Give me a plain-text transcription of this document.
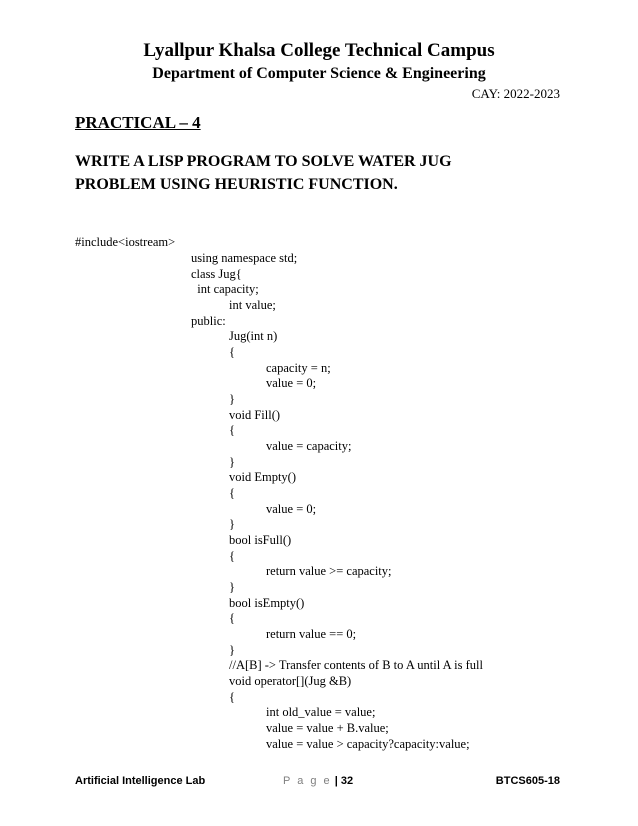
Lyallpur Khalsa College Technical Campus
Department of Computer Science & Engineering
CAY: 2022-2023
PRACTICAL – 4
WRITE A LISP PROGRAM TO SOLVE WATER JUG
PROBLEM USING HEURISTIC FUNCTION.
#include<iostream>
using namespace std;
class Jug{
int capacity;
int value;
public:
Jug(int n)
{
capacity = n;
value = 0;
}
void Fill()
{
value = capacity;
}
void Empty()
{
value = 0;
}
bool isFull()
{
return value >= capacity;
}
bool isEmpty()
{
return value == 0;
}
//A[B] -> Transfer contents of B to A until A is full
void operator[](Jug &B)
{
int old_value = value;
value = value + B.value;
value = value > capacity?capacity:value;
Artificial Intelligence Lab	P a g e | 32	BTCS605-18
